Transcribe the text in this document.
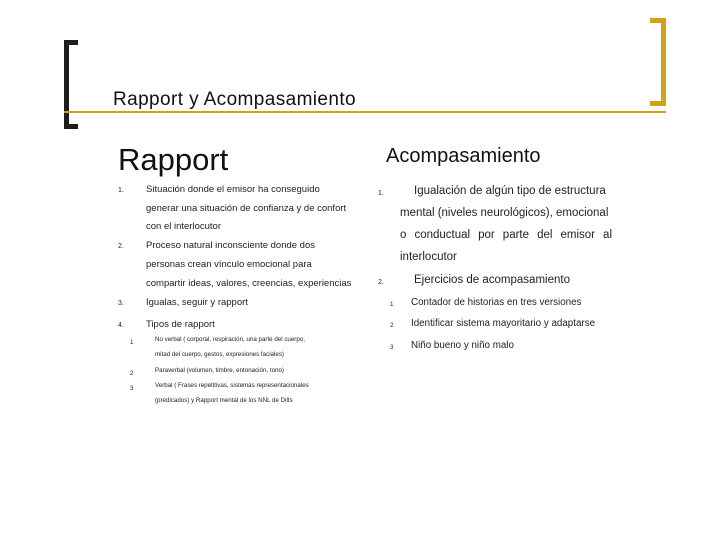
Rapport y Acompasamiento
Rapport
1. Situación donde el emisor ha conseguido
generar una situación de confianza y de confort
con el interlocutor
2. Proceso natural inconsciente donde dos
personas crean vínculo emocional para
compartir ideas, valores, creencias, experiencias
3. Igualas, seguir y rapport
4. Tipos de rapport
1	No verbal ( corporal, respiración, una parte del cuerpo,
mitad del cuerpo, gestos, expresiones faciales)
2	Paraverbal (volumen, timbre, entonación, tono)
3	Verbal ( Frases repetitivas, sistemas representacionales
(predicados) y Rapport mental de los NNL de Dilts
Acompasamiento
1.	Igualación de algún tipo de estructura
mental (niveles neurológicos), emocional
o conductual por parte del emisor al
interlocutor
2.	Ejercicios de acompasamiento
1 Contador de historias en tres versiones
2 Identificar sistema mayoritario y adaptarse
3 Niño bueno y niño malo
